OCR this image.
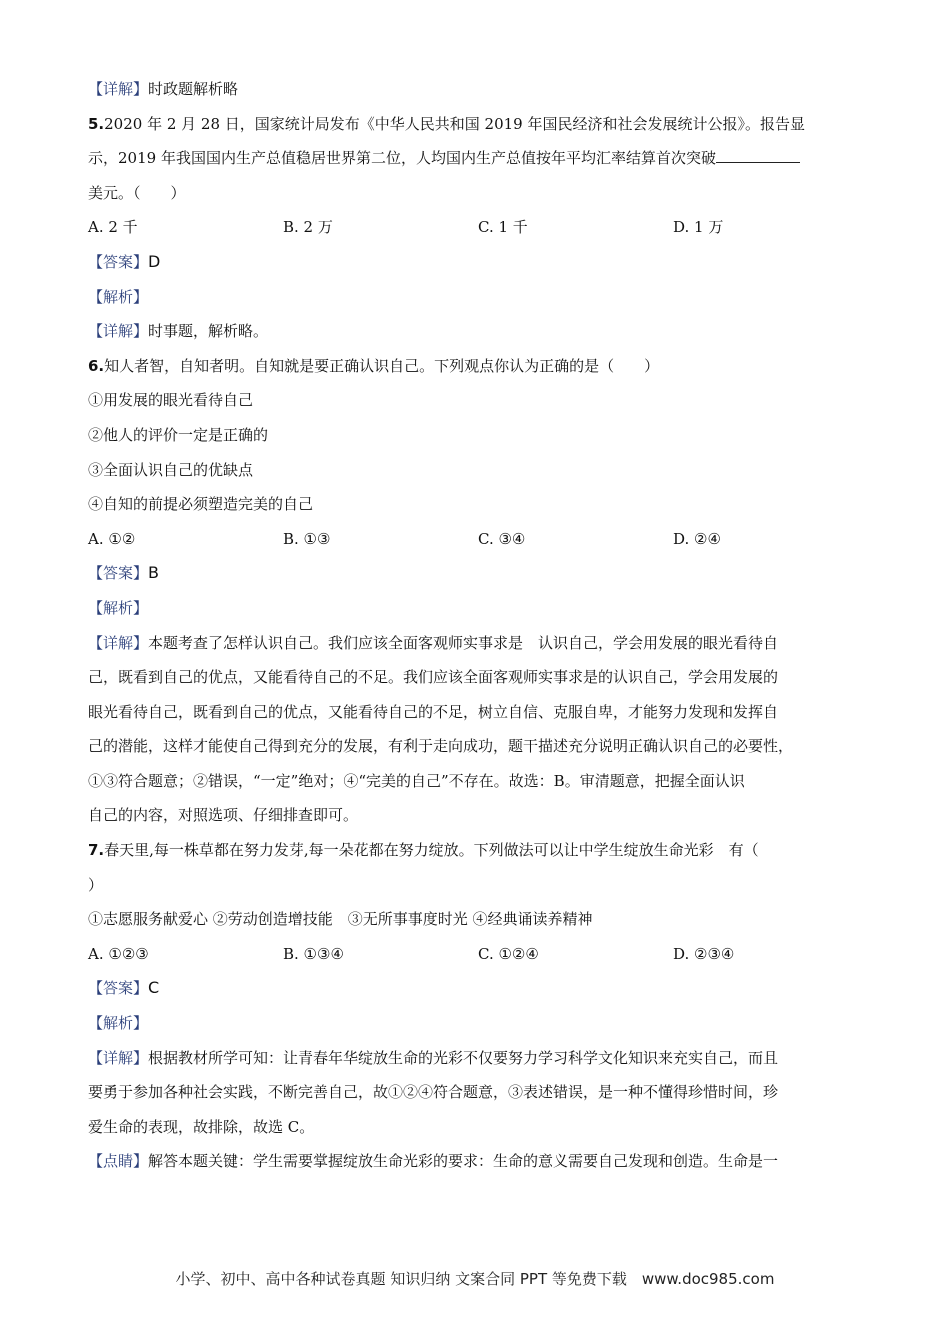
【详解】时政题解析略
5.2020 年 2 月 28 日，国家统计局发布《中华人民共和国 2019 年国民经济和社会发展统计公报》。报告显
示，2019 年我国国内生产总值稳居世界第二位，人均国内生产总值按年平均汇率结算首次突破
美元。（　　）
A. 2 千	B. 2 万	C. 1 千	D. 1 万
【答案】D
【解析】
【详解】时事题，解析略。
6.知人者智，自知者明。自知就是要正确认识自己。下列观点你认为正确的是（　　）
①用发展的眼光看待自己
②他人的评价一定是正确的
③全面认识自己的优缺点
④自知的前提必须塑造完美的自己
A. ①②	B. ①③	C. ③④	D. ②④
【答案】B
【解析】
【详解】本题考查了怎样认识自己。我们应该全面客观师实事求是　认识自己，学会用发展的眼光看待自
己，既看到自己的优点，又能看待自己的不足。我们应该全面客观师实事求是的认识自己，学会用发展的
眼光看待自己，既看到自己的优点，又能看待自己的不足，树立自信、克服自卑，才能努力发现和发挥自
己的潜能，这样才能使自己得到充分的发展，有利于走向成功，题干描述充分说明正确认识自己的必要性，
①③符合题意；②错误，“一定”绝对；④“完美的自己”不存在。故选：B。审清题意，把握全面认识
自己的内容，对照选项、仔细排查即可。
7.春天里,每一株草都在努力发芽,每一朵花都在努力绽放。下列做法可以让中学生绽放生命光彩　有（
）
①志愿服务献爱心 ②劳动创造增技能　③无所事事度时光 ④经典诵读养精神
A. ①②③	B. ①③④	C. ①②④	D. ②③④
【答案】C
【解析】
【详解】根据教材所学可知：让青春年华绽放生命的光彩不仅要努力学习科学文化知识来充实自己，而且
要勇于参加各种社会实践，不断完善自己，故①②④符合题意，③表述错误，是一种不懂得珍惜时间，珍
爱生命的表现，故排除，故选 C。
【点睛】解答本题关键：学生需要掌握绽放生命光彩的要求：生命的意义需要自己发现和创造。生命是一
小学、初中、高中各种试卷真题 知识归纳 文案合同 PPT 等免费下载　www.doc985.com
